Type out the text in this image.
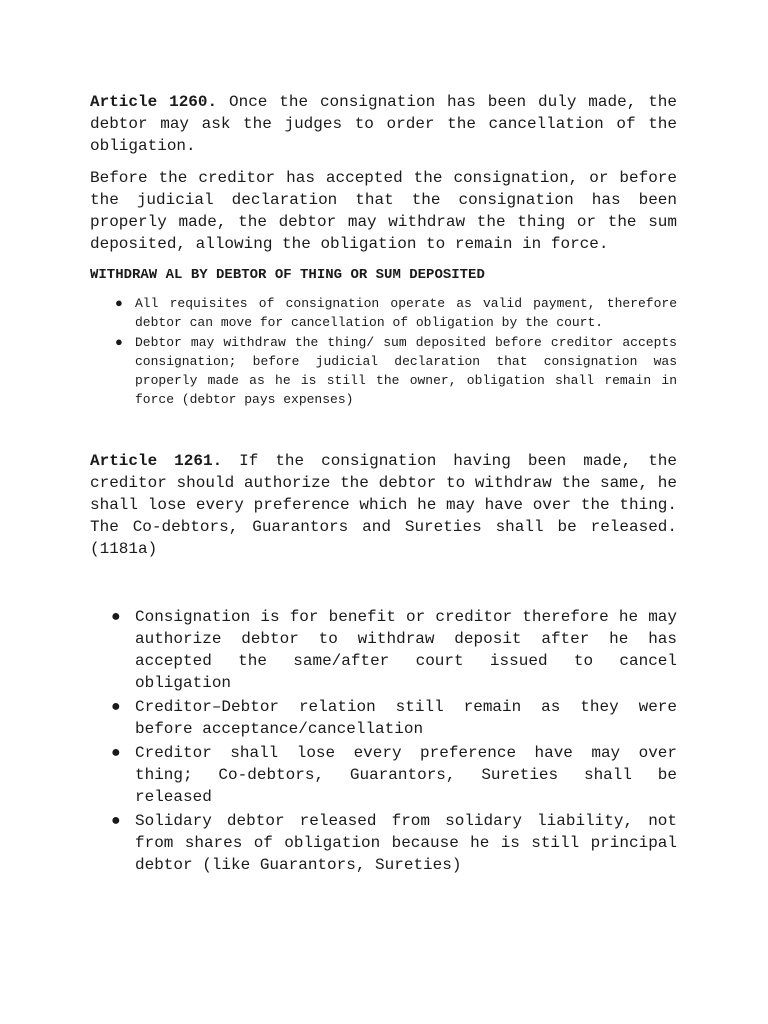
Article 1260. Once the consignation has been duly made, the debtor may ask the judges to order the cancellation of the obligation.

Before the creditor has accepted the consignation, or before the judicial declaration that the consignation has been properly made, the debtor may withdraw the thing or the sum deposited, allowing the obligation to remain in force.

WITHDRAW AL BY DEBTOR OF THING OR SUM DEPOSITED

● All requisites of consignation operate as valid payment, therefore debtor can move for cancellation of obligation by the court.
● Debtor may withdraw the thing/ sum deposited before creditor accepts consignation; before judicial declaration that consignation was properly made as he is still the owner, obligation shall remain in force (debtor pays expenses)

Article 1261. If the consignation having been made, the creditor should authorize the debtor to withdraw the same, he shall lose every preference which he may have over the thing. The Co-debtors, Guarantors and Sureties shall be released. (1181a)

● Consignation is for benefit or creditor therefore he may authorize debtor to withdraw deposit after he has accepted the same/after court issued to cancel obligation
● Creditor–Debtor relation still remain as they were before acceptance/cancellation
● Creditor shall lose every preference have may over thing; Co-debtors, Guarantors, Sureties shall be released
● Solidary debtor released from solidary liability, not from shares of obligation because he is still principal debtor (like Guarantors, Sureties)
